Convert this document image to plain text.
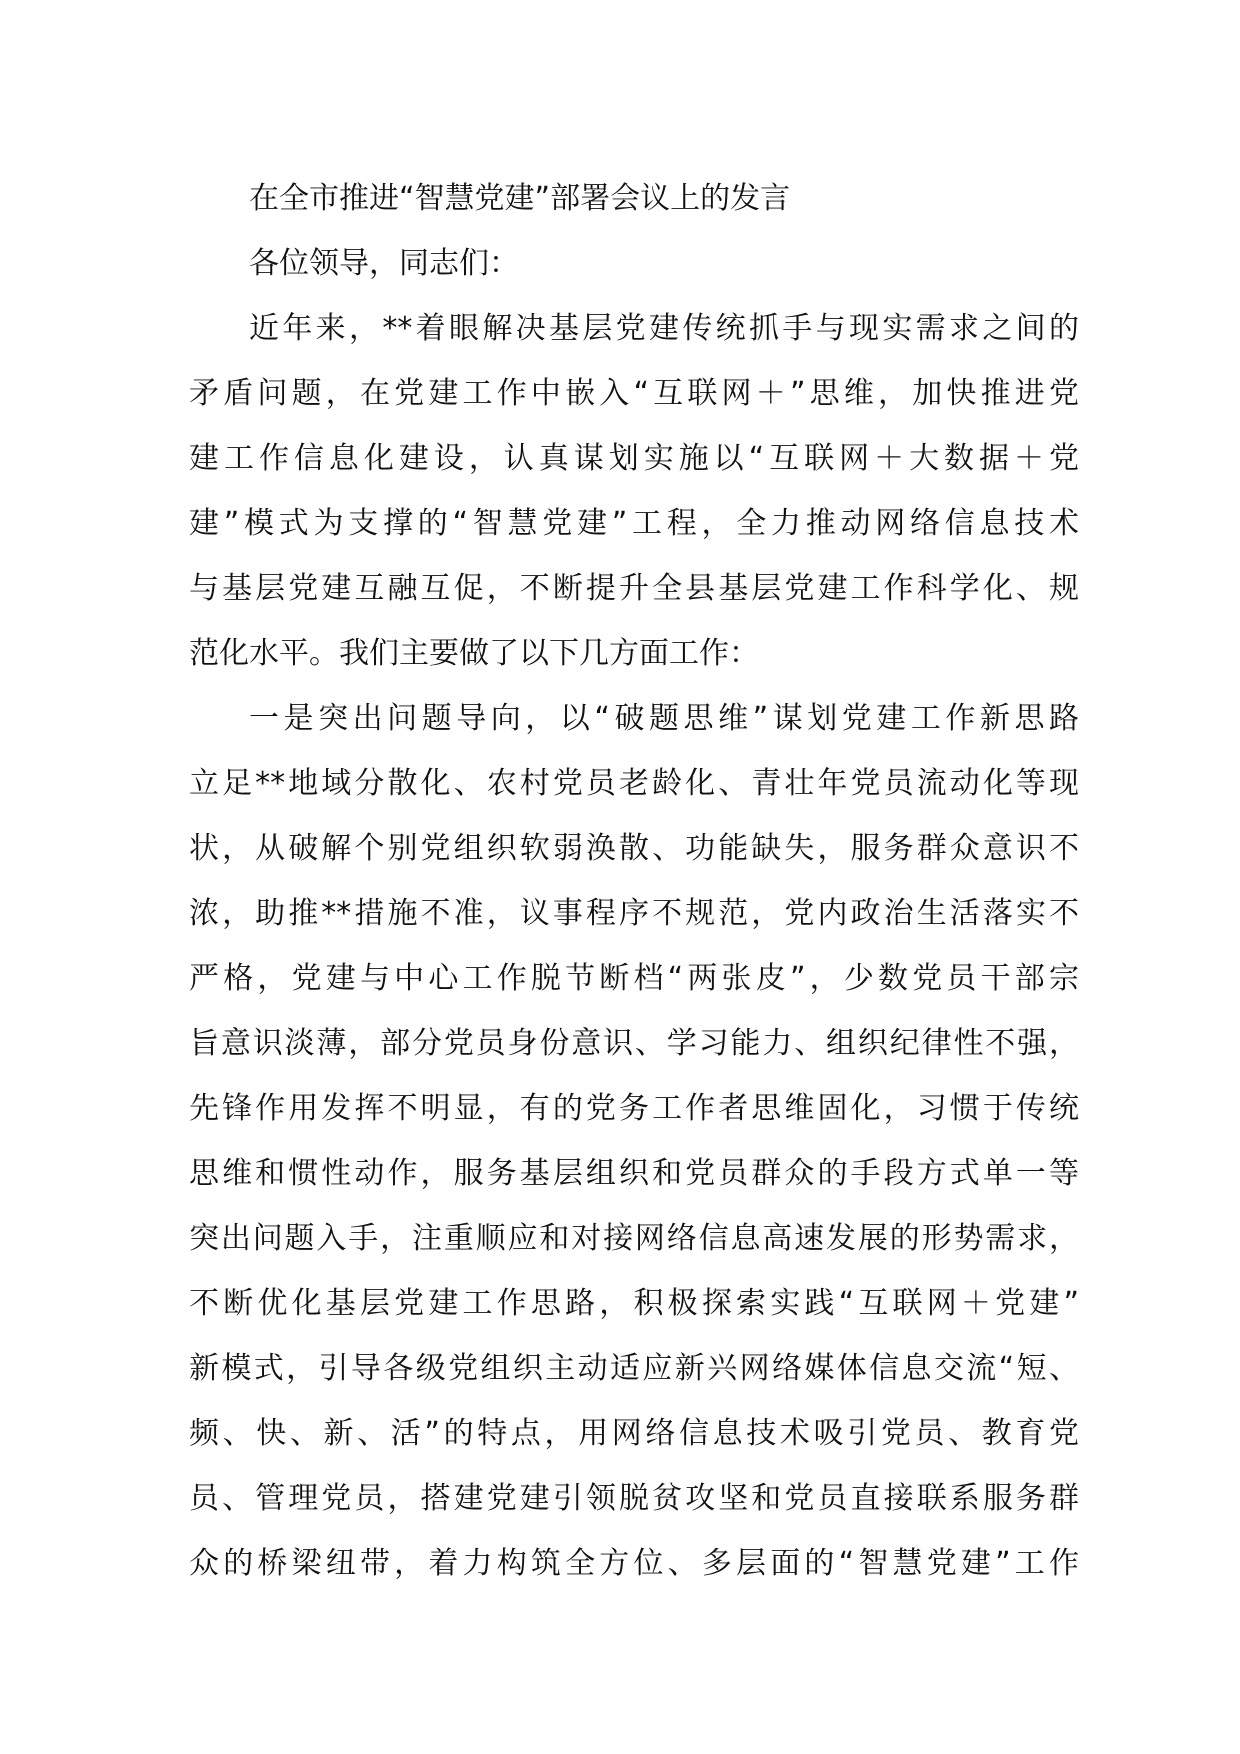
在全市推进“智慧党建”部署会议上的发言

各位领导，同志们：

近年来，**着眼解决基层党建传统抓手与现实需求之间的
矛盾问题，在党建工作中嵌入“互联网＋”思维，加快推进党
建工作信息化建设，认真谋划实施以“互联网＋大数据＋党
建”模式为支撑的“智慧党建”工程，全力推动网络信息技术
与基层党建互融互促，不断提升全县基层党建工作科学化、规
范化水平。我们主要做了以下几方面工作：
一是突出问题导向，以“破题思维”谋划党建工作新思路
立足**地域分散化、农村党员老龄化、青壮年党员流动化等现
状，从破解个别党组织软弱涣散、功能缺失，服务群众意识不
浓，助推**措施不准，议事程序不规范，党内政治生活落实不
严格，党建与中心工作脱节断档“两张皮”，少数党员干部宗
旨意识淡薄，部分党员身份意识、学习能力、组织纪律性不强，
先锋作用发挥不明显，有的党务工作者思维固化，习惯于传统
思维和惯性动作，服务基层组织和党员群众的手段方式单一等
突出问题入手，注重顺应和对接网络信息高速发展的形势需求，
不断优化基层党建工作思路，积极探索实践“互联网＋党建”
新模式，引导各级党组织主动适应新兴网络媒体信息交流“短、
频、快、新、活”的特点，用网络信息技术吸引党员、教育党
员、管理党员，搭建党建引领脱贫攻坚和党员直接联系服务群
众的桥梁纽带，着力构筑全方位、多层面的“智慧党建”工作
